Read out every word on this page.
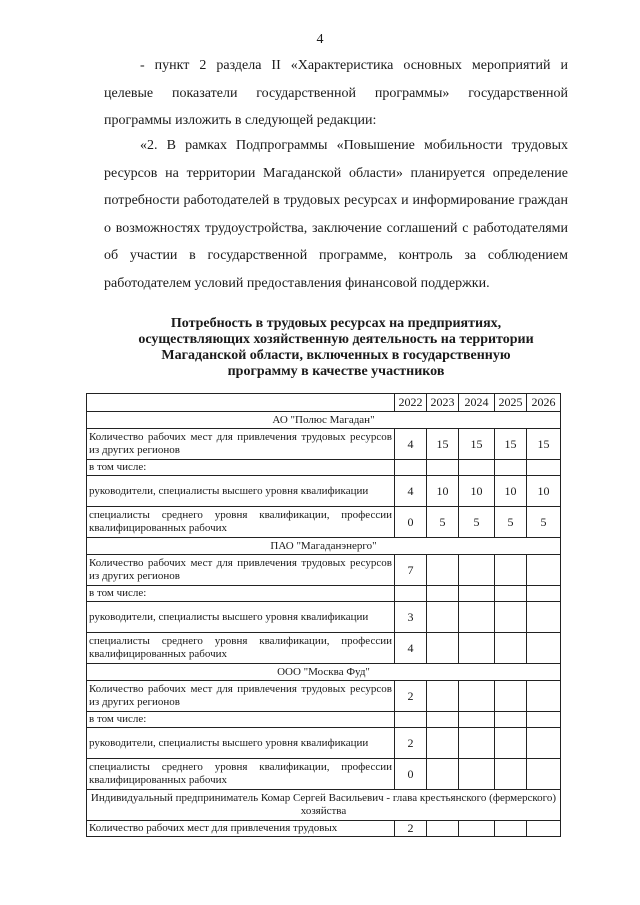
4

- пункт 2 раздела II «Характеристика основных мероприятий и целевые показатели государственной программы» государственной программы изложить в следующей редакции:

«2. В рамках Подпрограммы «Повышение мобильности трудовых ресурсов на территории Магаданской области» планируется определение потребности работодателей в трудовых ресурсах и информирование граждан о возможностях трудоустройства, заключение соглашений с работодателями об участии в государственной программе, контроль за соблюдением работодателем условий предоставления финансовой поддержки.

Потребность в трудовых ресурсах на предприятиях, осуществляющих хозяйственную деятельность на территории Магаданской области, включенных в государственную программу в качестве участников
	2022	2023	2024	2025	2026
АО "Полюс Магадан"					
Количество рабочих мест для привлечения трудовых ресурсов из других регионов	4	15	15	15	15
в том числе:					
руководители, специалисты высшего уровня квалификации	4	10	10	10	10
специалисты среднего уровня квалификации, профессии квалифицированных рабочих	0	5	5	5	5
ПАО "Магаданэнерго"					
Количество рабочих мест для привлечения трудовых ресурсов из других регионов	7				
в том числе:					
руководители, специалисты высшего уровня квалификации	3				
специалисты среднего уровня квалификации, профессии квалифицированных рабочих	4				
ООО "Москва Фуд"					
Количество рабочих мест для привлечения трудовых ресурсов из других регионов	2				
в том числе:					
руководители, специалисты высшего уровня квалификации	2				
специалисты среднего уровня квалификации, профессии квалифицированных рабочих	0				
Индивидуальный предприниматель Комар Сергей Васильевич - глава крестьянского (фермерского) хозяйства					
Количество рабочих мест для привлечения трудовых	2				
